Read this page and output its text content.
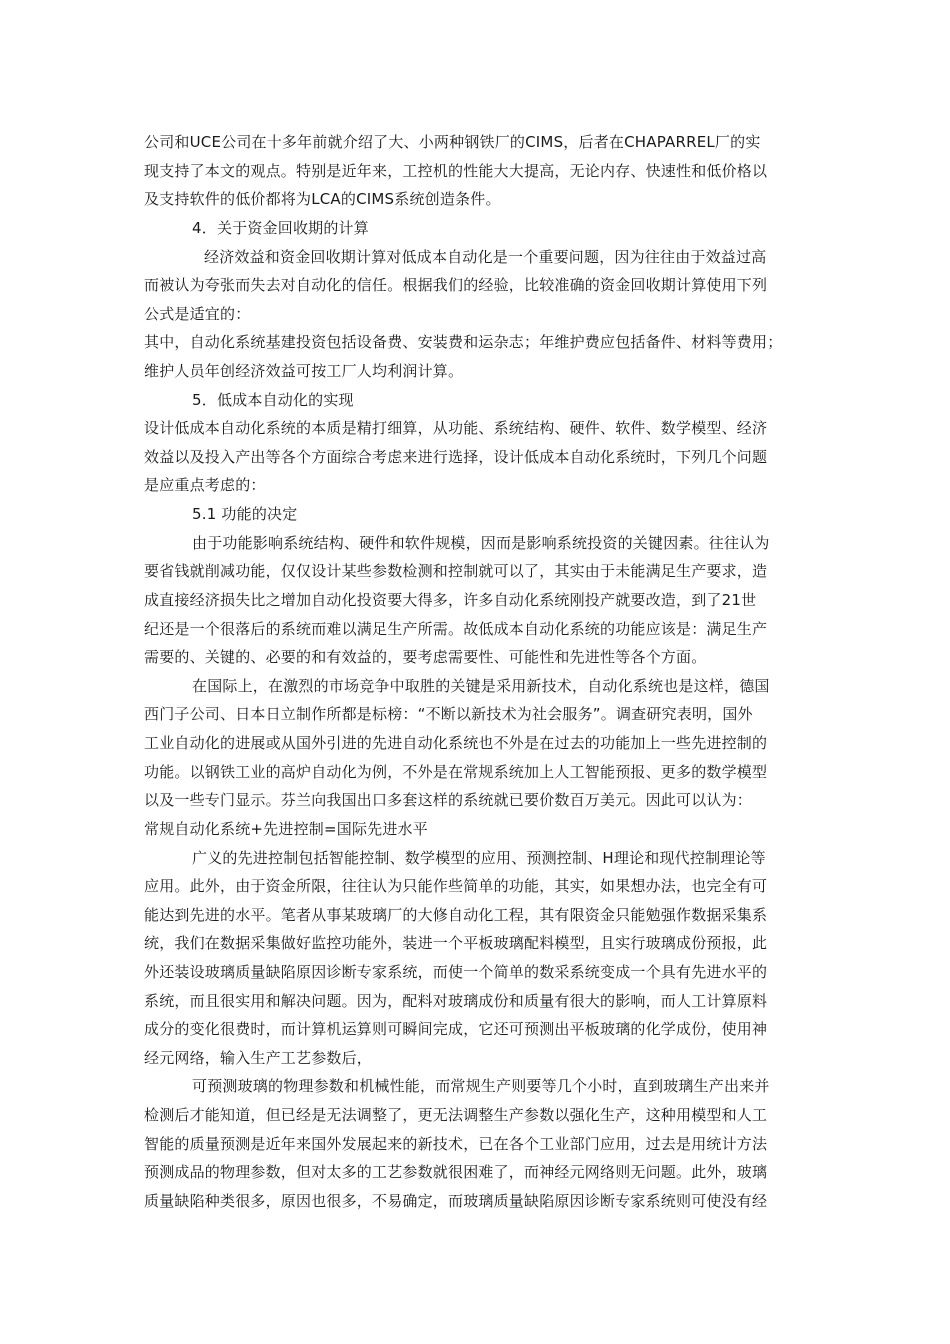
公司和UCE公司在十多年前就介绍了大、小两种钢铁厂的CIMS，后者在CHAPARREL厂的实
现支持了本文的观点。特别是近年来，工控机的性能大大提高，无论内存、快速性和低价格以
及支持软件的低价都将为LCA的CIMS系统创造条件。
4．关于资金回收期的计算
经济效益和资金回收期计算对低成本自动化是一个重要问题，因为往往由于效益过高
而被认为夸张而失去对自动化的信任。根据我们的经验，比较准确的资金回收期计算使用下列
公式是适宜的：
其中，自动化系统基建投资包括设备费、安装费和运杂志；年维护费应包括备件、材料等费用；
维护人员年创经济效益可按工厂人均利润计算。
5．低成本自动化的实现
设计低成本自动化系统的本质是精打细算，从功能、系统结构、硬件、软件、数学模型、经济
效益以及投入产出等各个方面综合考虑来进行选择，设计低成本自动化系统时，下列几个问题
是应重点考虑的：
5.1 功能的决定
由于功能影响系统结构、硬件和软件规模，因而是影响系统投资的关键因素。往往认为
要省钱就削减功能，仅仅设计某些参数检测和控制就可以了，其实由于未能满足生产要求，造
成直接经济损失比之增加自动化投资要大得多，许多自动化系统刚投产就要改造，到了21世
纪还是一个很落后的系统而难以满足生产所需。故低成本自动化系统的功能应该是：满足生产
需要的、关键的、必要的和有效益的，要考虑需要性、可能性和先进性等各个方面。
在国际上，在激烈的市场竞争中取胜的关键是采用新技术，自动化系统也是这样，德国
西门子公司、日本日立制作所都是标榜：“不断以新技术为社会服务”。调查研究表明，国外
工业自动化的进展或从国外引进的先进自动化系统也不外是在过去的功能加上一些先进控制的
功能。以钢铁工业的高炉自动化为例，不外是在常规系统加上人工智能预报、更多的数学模型
以及一些专门显示。芬兰向我国出口多套这样的系统就已要价数百万美元。因此可以认为：
常规自动化系统+先进控制=国际先进水平
广义的先进控制包括智能控制、数学模型的应用、预测控制、H理论和现代控制理论等
应用。此外，由于资金所限，往往认为只能作些简单的功能，其实，如果想办法，也完全有可
能达到先进的水平。笔者从事某玻璃厂的大修自动化工程，其有限资金只能勉强作数据采集系
统，我们在数据采集做好监控功能外，装进一个平板玻璃配料模型，且实行玻璃成份预报，此
外还装设玻璃质量缺陷原因诊断专家系统，而使一个简单的数采系统变成一个具有先进水平的
系统，而且很实用和解决问题。因为，配料对玻璃成份和质量有很大的影响，而人工计算原料
成分的变化很费时，而计算机运算则可瞬间完成，它还可预测出平板玻璃的化学成份，使用神
经元网络，输入生产工艺参数后，
可预测玻璃的物理参数和机械性能，而常规生产则要等几个小时，直到玻璃生产出来并
检测后才能知道，但已经是无法调整了，更无法调整生产参数以强化生产，这种用模型和人工
智能的质量预测是近年来国外发展起来的新技术，已在各个工业部门应用，过去是用统计方法
预测成品的物理参数，但对太多的工艺参数就很困难了，而神经元网络则无问题。此外，玻璃
质量缺陷种类很多，原因也很多，不易确定，而玻璃质量缺陷原因诊断专家系统则可使没有经
